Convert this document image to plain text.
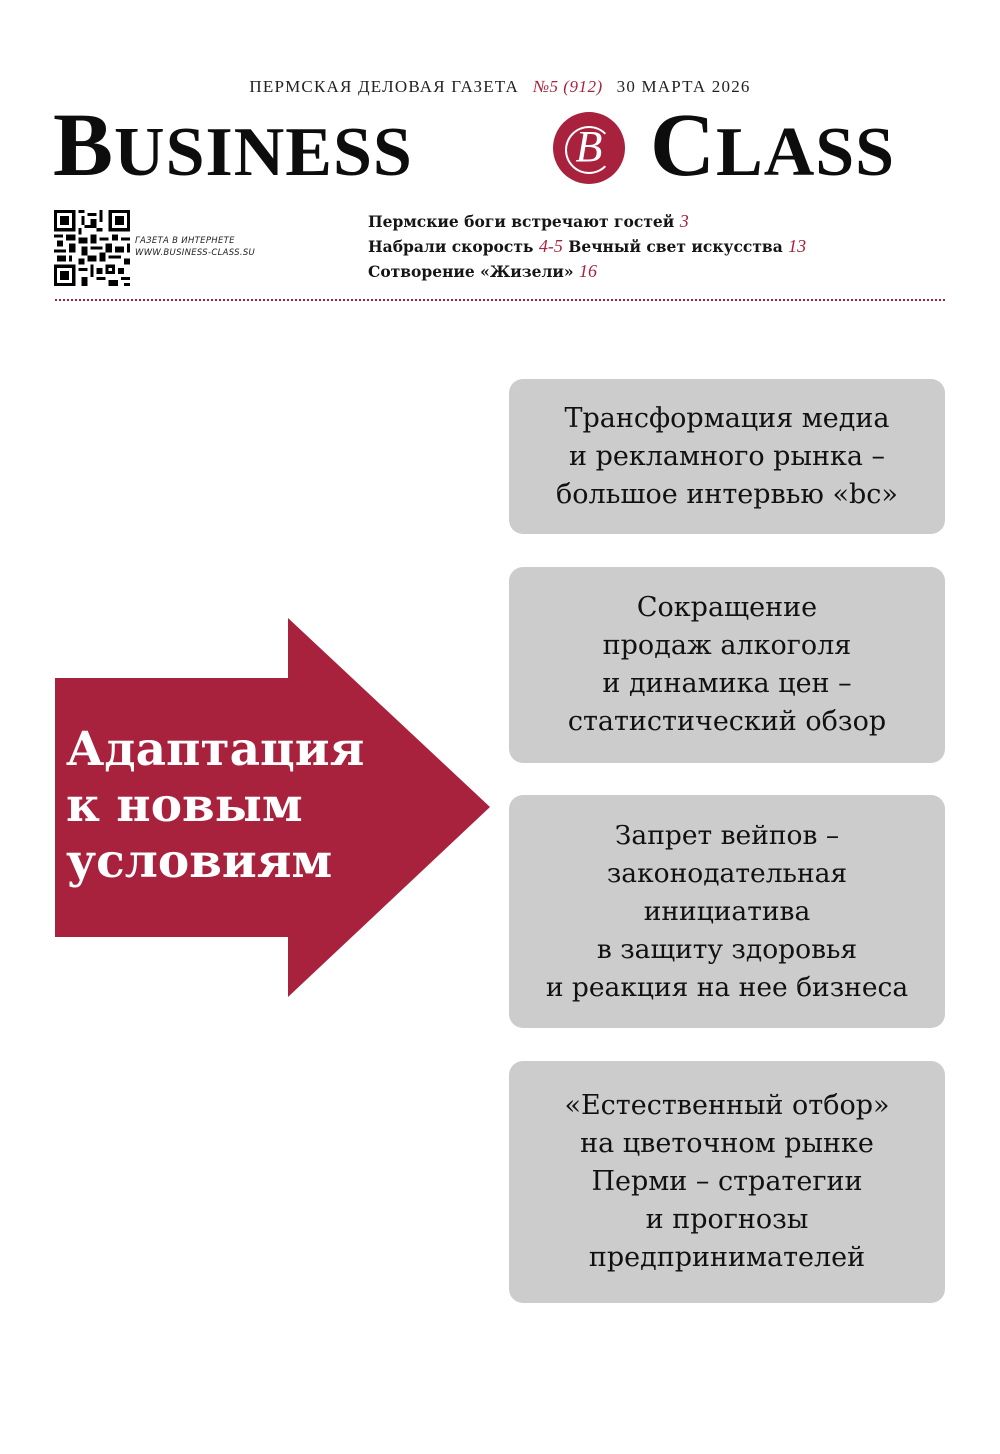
ПЕРМСКАЯ ДЕЛОВАЯ ГАЗЕТА №5 (912) 30 МАРТА 2026
BUSINESS	B CLASS
ГАЗЕТА В ИНТЕРНЕТЕ
WWW.BUSINESS-CLASS.SU
Пермские боги встречают гостей 3
Набрали скорость 4-5 Вечный свет искусства 13
Сотворение «Жизели» 16
Адаптация
к новым
условиям
Трансформация медиа
и рекламного рынка –
большое интервью «bc»
Сокращение
продаж алкоголя
и динамика цен –
статистический обзор
Запрет вейпов –
законодательная
инициатива
в защиту здоровья
и реакция на нее бизнеса
«Естественный отбор»
на цветочном рынке
Перми – стратегии
и прогнозы
предпринимателей
